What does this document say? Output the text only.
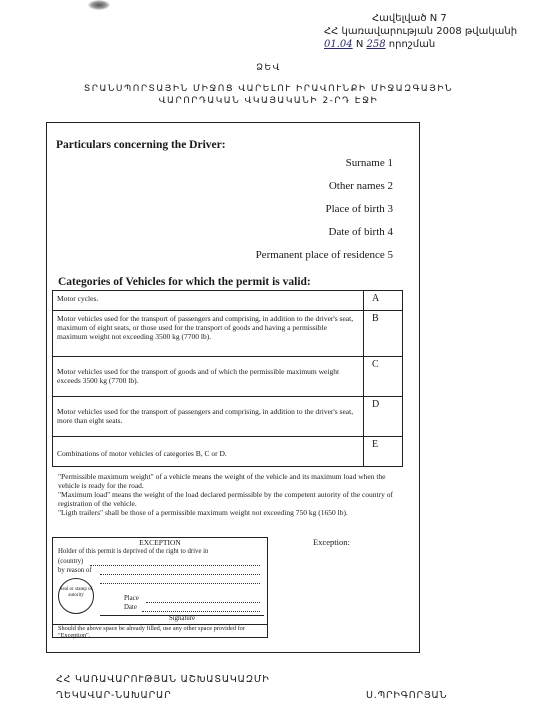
Հավելված N 7
ՀՀ կառավարության 2008 թվականի
01.04 N 258 որոշման
ՁԵՎ
ՏՐԱՆՍՊՈՐՏԱՅԻՆ ՄԻՋՈՑ ՎԱՐԵԼՈՒ ԻՐԱՎՈՒՆՔԻ ՄԻՋԱԶԳԱՅԻՆ
ՎԱՐՈՐԴԱԿԱՆ ՎԿԱՅԱԿԱՆԻ 2-ՐԴ ԷՋԻ
Particulars concerning the Driver:
Surname 1
Other names 2
Place of birth 3
Date of birth 4
Permanent place of residence 5
Categories of Vehicles for which the permit is valid:
Motor cycles.	A
Motor vehicles used for the transport of passengers and comprising, in addition to the driver's seat, maximum of eight seats, or those used for the transport of goods and having a permissible maximum weight not exceeding 3500 kg (7700 lb).	B
Motor vehicles used for the transport of goods and of which the permissible maximum weight exceeds 3500 kg (7700 lb).	C
Motor vehicles used for the transport of passengers and comprising, in addition to the driver's seat, more than eight seats.	D
Combinations of motor vehicles of categories B, C or D.	E

"Permissible maximum weight" of a vehicle means the weight of the vehicle and its maximum load when the vehicle is ready for the road.

"Maximum load" means the weight of the load declared permissible by the competent autority of the country of registration of the vehicle.

"Ligth trailers" shall be those of a permissible maximum weight not exceeding 750 kg (1650 lb).

EXCEPTION	Exception:
Holder of this permit is deprived of the right to drive in
(country)
by reason of
Seal or stamp of autority	Place
Date
Signature
Should the above space be already filled, use any other space provided for "Exception".
ՀՀ ԿԱՌԱՎԱՐՈՒԹՅԱՆ ԱՇԽԱՏԱԿԱԶՄԻ
ՂԵԿԱՎԱՐ-ՆԱԽԱՐԱՐ	Ս.ՊՐԻԳՈՐՅԱՆ
